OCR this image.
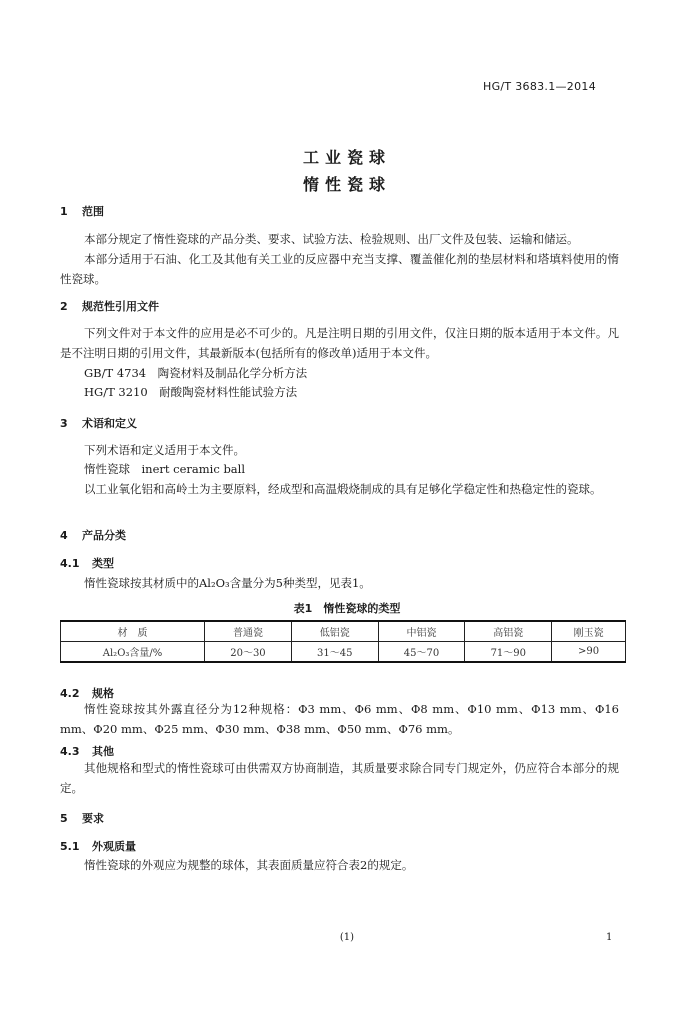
HG/T 3683.1—2014
工业瓷球
惰性瓷球
1 范围
本部分规定了惰性瓷球的产品分类、要求、试验方法、检验规则、出厂文件及包装、运输和储运。
本部分适用于石油、化工及其他有关工业的反应器中充当支撑、覆盖催化剂的垫层材料和塔填料使用的惰性瓷球。
2 规范性引用文件
下列文件对于本文件的应用是必不可少的。凡是注明日期的引用文件，仅注日期的版本适用于本文件。凡是不注明日期的引用文件，其最新版本(包括所有的修改单)适用于本文件。
GB/T 4734　陶瓷材料及制品化学分析方法
HG/T 3210　耐酸陶瓷材料性能试验方法
3 术语和定义
下列术语和定义适用于本文件。
惰性瓷球　inert ceramic ball
以工业氧化铝和高岭土为主要原料，经成型和高温煅烧制成的具有足够化学稳定性和热稳定性的瓷球。
4 产品分类
4.1 类型
惰性瓷球按其材质中的Al₂O₃含量分为5种类型，见表1。
表1　惰性瓷球的类型
材　质	普通瓷	低铝瓷	中铝瓷	高铝瓷	刚玉瓷
Al₂O₃含量/%	20～30	31～45	45～70	71～90	>90
4.2 规格
惰性瓷球按其外露直径分为12种规格：Φ3 mm、Φ6 mm、Φ8 mm、Φ10 mm、Φ13 mm、Φ16 mm、Φ20 mm、Φ25 mm、Φ30 mm、Φ38 mm、Φ50 mm、Φ76 mm。
4.3 其他
其他规格和型式的惰性瓷球可由供需双方协商制造，其质量要求除合同专门规定外，仍应符合本部分的规定。
5 要求
5.1 外观质量
惰性瓷球的外观应为规整的球体，其表面质量应符合表2的规定。
(1)	1
